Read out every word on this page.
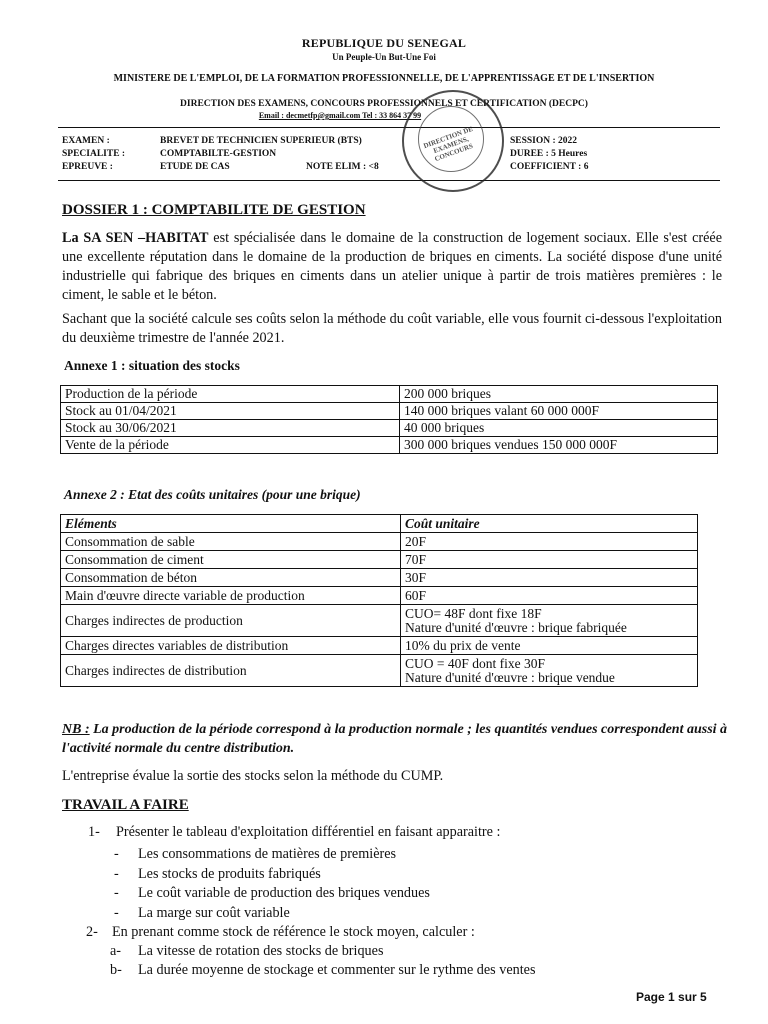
REPUBLIQUE DU SENEGAL
Un Peuple-Un But-Une Foi
MINISTERE DE L'EMPLOI, DE LA FORMATION PROFESSIONNELLE, DE L'APPRENTISSAGE ET DE L'INSERTION
DIRECTION DES EXAMENS, CONCOURS PROFESSIONNELS ET CERTIFICATION (DECPC)
Email : decmetfp@gmail.com Tel : 33 864 37 99
EXAMEN :	BREVET DE TECHNICIEN SUPERIEUR (BTS)
SPECIALITE :	COMPTABILTE-GESTION
EPREUVE :	ETUDE DE CAS	NOTE ELIM : <8
SESSION : 2022
DUREE : 5 Heures
COEFFICIENT : 6
DIRECTION DE EXAMENS, CONCOURS
DOSSIER 1 : COMPTABILITE DE GESTION
La SA SEN –HABITAT est spécialisée dans le domaine de la construction de logement sociaux. Elle s'est créée une excellente réputation dans le domaine de la production de briques en ciments. La société dispose d'une unité industrielle qui fabrique des briques en ciments dans un atelier unique à partir de trois matières premières : le ciment, le sable et le béton.
Sachant que la société calcule ses coûts selon la méthode du coût variable, elle vous fournit ci-dessous l'exploitation du deuxième trimestre de l'année 2021.
Annexe 1 : situation des stocks
Production de la période	200 000 briques
Stock au 01/04/2021	140 000 briques valant 60 000 000F
Stock au 30/06/2021	40 000 briques
Vente de la période	300 000 briques vendues 150 000 000F
Annexe 2 : Etat des coûts unitaires (pour une brique)
Eléments	Coût unitaire
Consommation de sable	20F
Consommation de ciment	70F
Consommation de béton	30F
Main d'œuvre directe variable de production	60F
Charges indirectes de production	CUO= 48F dont fixe 18F
Nature d'unité d'œuvre : brique fabriquée

Charges directes variables de distribution	10% du prix de vente
Charges indirectes de distribution	CUO = 40F dont fixe 30F
Nature d'unité d'œuvre : brique vendue
NB : La production de la période correspond à la production normale ; les quantités vendues correspondent aussi à l'activité normale du centre distribution.
L'entreprise évalue la sortie des stocks selon la méthode du CUMP.
TRAVAIL A FAIRE
1- Présenter le tableau d'exploitation différentiel en faisant apparaitre :
- Les consommations de matières de premières
- Les stocks de produits fabriqués
- Le coût variable de production des briques vendues
- La marge sur coût variable
2- En prenant comme stock de référence le stock moyen, calculer :
a- La vitesse de rotation des stocks de briques
b- La durée moyenne de stockage et commenter sur le rythme des ventes
Page 1 sur 5
